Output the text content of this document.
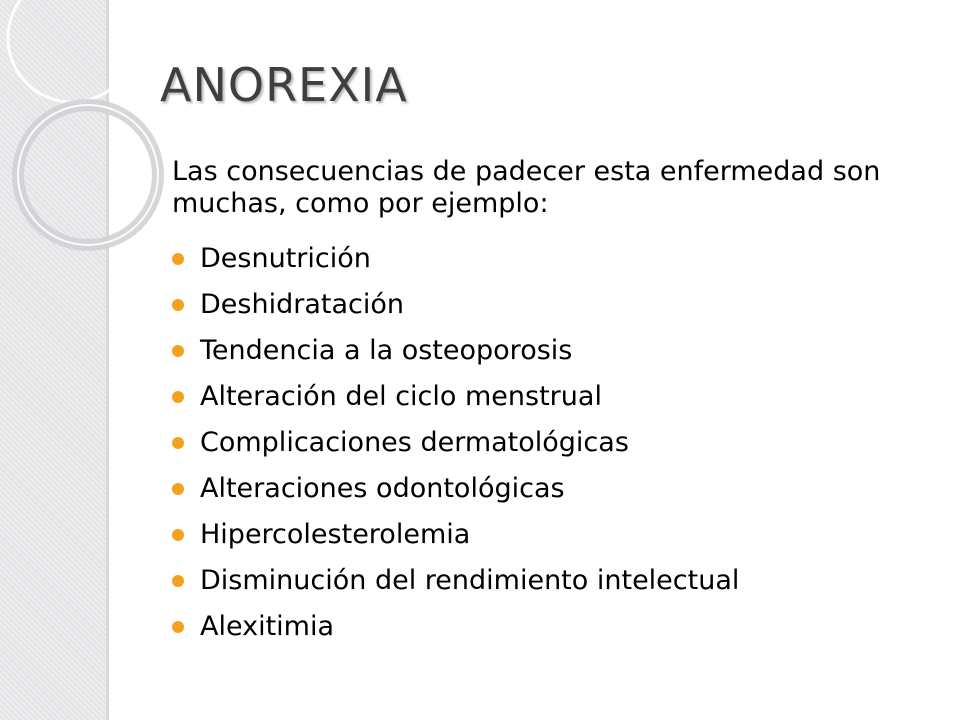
ANOREXIA

Las consecuencias de padecer esta enfermedad son muchas, como por ejemplo:

Desnutrición
Deshidratación
Tendencia a la osteoporosis
Alteración del ciclo menstrual
Complicaciones dermatológicas
Alteraciones odontológicas
Hipercolesterolemia
Disminución del rendimiento intelectual
Alexitimia
